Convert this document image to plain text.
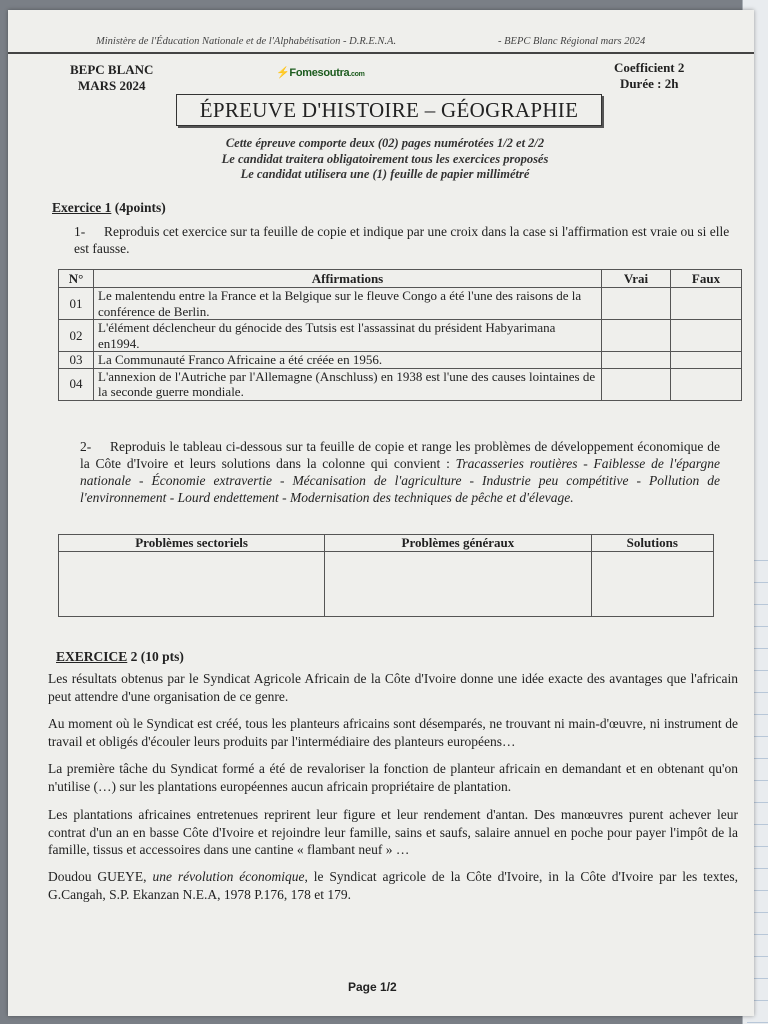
Ministère de l'Éducation Nationale et de l'Alphabétisation - D.R.E.N.A.	- BEPC Blanc Régional mars 2024
BEPC BLANC
MARS 2024
⚡Fomesoutra.com	Coefficient 2
Durée : 2h
ÉPREUVE D'HISTOIRE – GÉOGRAPHIE
Cette épreuve comporte deux (02) pages numérotées 1/2 et 2/2
Le candidat traitera obligatoirement tous les exercices proposés
Le candidat utilisera une (1) feuille de papier millimétré
Exercice 1 (4points)
1- Reproduis cet exercice sur ta feuille de copie et indique par une croix dans la case si l'affirmation est vraie ou si elle est fausse.
N°	Affirmations	Vrai	Faux
01	Le malentendu entre la France et la Belgique sur le fleuve Congo a été l'une des raisons de la conférence de Berlin.		
02	L'élément déclencheur du génocide des Tutsis est l'assassinat du président Habyarimana en1994.		
03	La Communauté Franco Africaine a été créée en 1956.		
04	L'annexion de l'Autriche par l'Allemagne (Anschluss) en 1938 est l'une des causes lointaines de la seconde guerre mondiale.		
2- Reproduis le tableau ci-dessous sur ta feuille de copie et range les problèmes de développement économique de la Côte d'Ivoire et leurs solutions dans la colonne qui convient : Tracasseries routières - Faiblesse de l'épargne nationale - Économie extravertie - Mécanisation de l'agriculture - Industrie peu compétitive - Pollution de l'environnement - Lourd endettement - Modernisation des techniques de pêche et d'élevage.
Problèmes sectoriels	Problèmes généraux	Solutions

EXERCICE 2 (10 pts)
Les résultats obtenus par le Syndicat Agricole Africain de la Côte d'Ivoire donne une idée exacte des avantages que l'africain peut attendre d'une organisation de ce genre.
Au moment où le Syndicat est créé, tous les planteurs africains sont désemparés, ne trouvant ni main-d'œuvre, ni instrument de travail et obligés d'écouler leurs produits par l'intermédiaire des planteurs européens…
La première tâche du Syndicat formé a été de revaloriser la fonction de planteur africain en demandant et en obtenant qu'on n'utilise (…) sur les plantations européennes aucun africain propriétaire de plantation.
Les plantations africaines entretenues reprirent leur figure et leur rendement d'antan. Des manœuvres purent achever leur contrat d'un an en basse Côte d'Ivoire et rejoindre leur famille, sains et saufs, salaire annuel en poche pour payer l'impôt de la famille, tissus et accessoires dans une cantine « flambant neuf » …
Doudou GUEYE, une révolution économique, le Syndicat agricole de la Côte d'Ivoire, in la Côte d'Ivoire par les textes, G.Cangah, S.P. Ekanzan N.E.A, 1978 P.176, 178 et 179.
Page 1/2
